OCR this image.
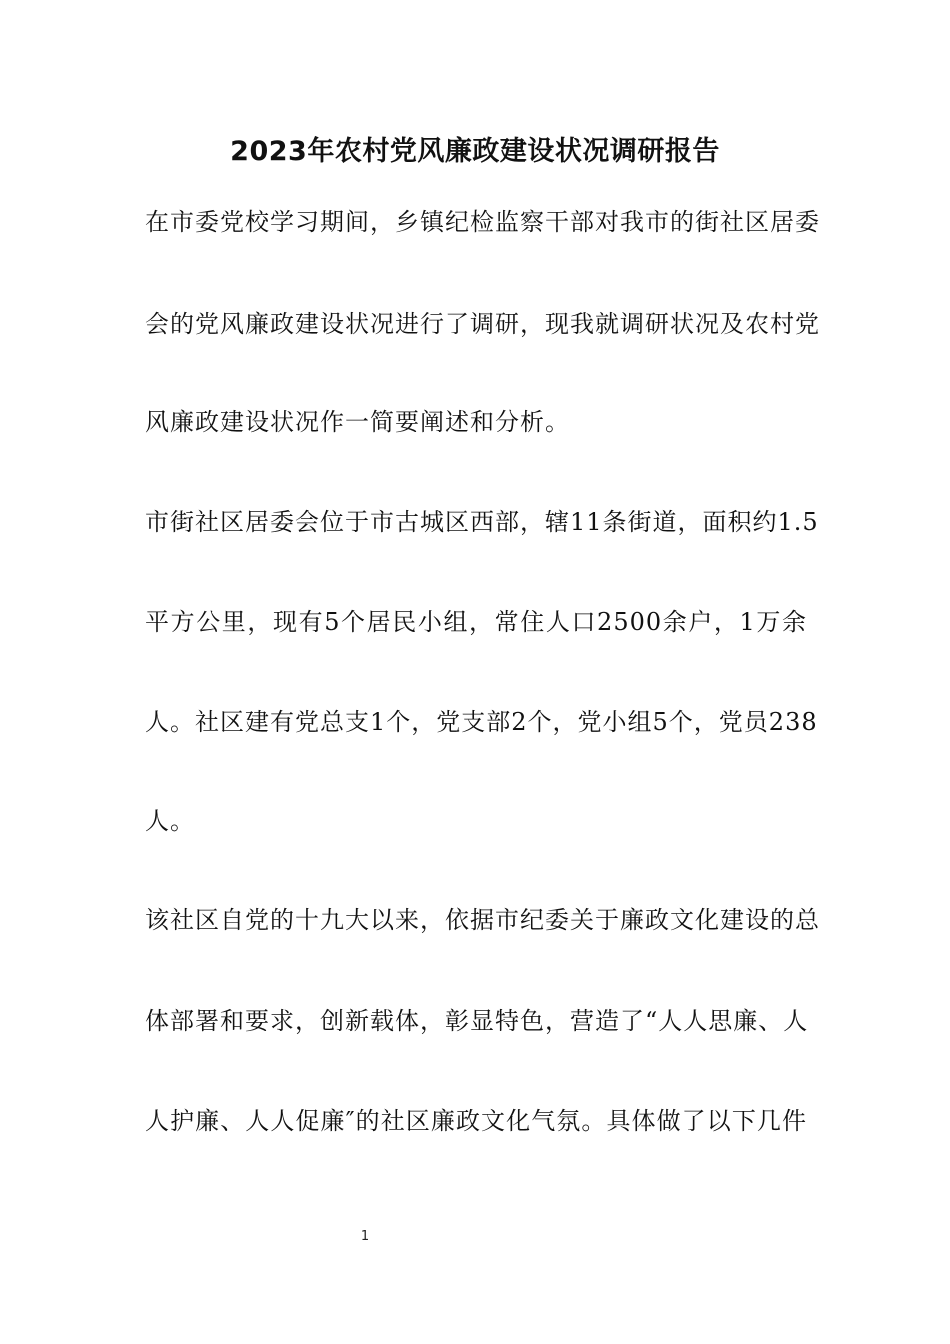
2023年农村党风廉政建设状况调研报告
在市委党校学习期间，乡镇纪检监察干部对我市的街社区居委
会的党风廉政建设状况进行了调研，现我就调研状况及农村党
风廉政建设状况作一简要阐述和分析。
市街社区居委会位于市古城区西部，辖11条街道，面积约1.5
平方公里，现有5个居民小组，常住人口2500余户，1万余
人。社区建有党总支1个，党支部2个，党小组5个，党员238
人。
该社区自党的十九大以来，依据市纪委关于廉政文化建设的总
体部署和要求，创新载体，彰显特色，营造了“人人思廉、人
人护廉、人人促廉″的社区廉政文化气氛。具体做了以下几件
1
